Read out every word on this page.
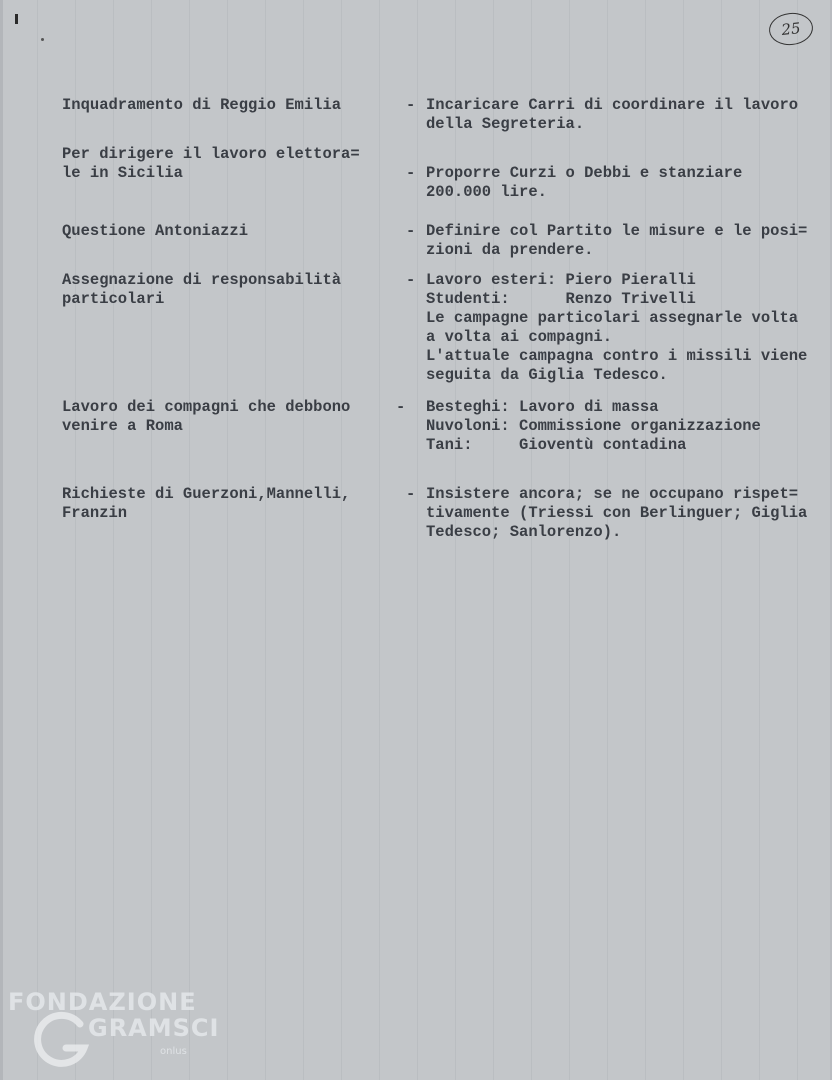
25
Inquadramento di Reggio Emilia	- Incaricare Carri di coordinare il lavoro
della Segreteria.
Per dirigere il lavoro elettora=
le in Sicilia	- Proporre Curzi o Debbi e stanziare
200.000 lire.
Questione Antoniazzi	- Definire col Partito le misure e le posi=
zioni da prendere.
Assegnazione di responsabilità
particolari
- Lavoro esteri: Piero Pieralli
Studenti:      Renzo Trivelli
Le campagne particolari assegnarle volta
a volta ai compagni.
L'attuale campagna contro i missili viene
seguita da Giglia Tedesco.
Lavoro dei compagni che debbono
venire a Roma
- Besteghi: Lavoro di massa
Nuvoloni: Commissione organizzazione
Tani:     Gioventù contadina
Richieste di Guerzoni,Mannelli,
Franzin
- Insistere ancora; se ne occupano rispet=
tivamente (Triessi con Berlinguer; Giglia
Tedesco; Sanlorenzo).
FONDAZIONE
GRAMSCI
onlus
